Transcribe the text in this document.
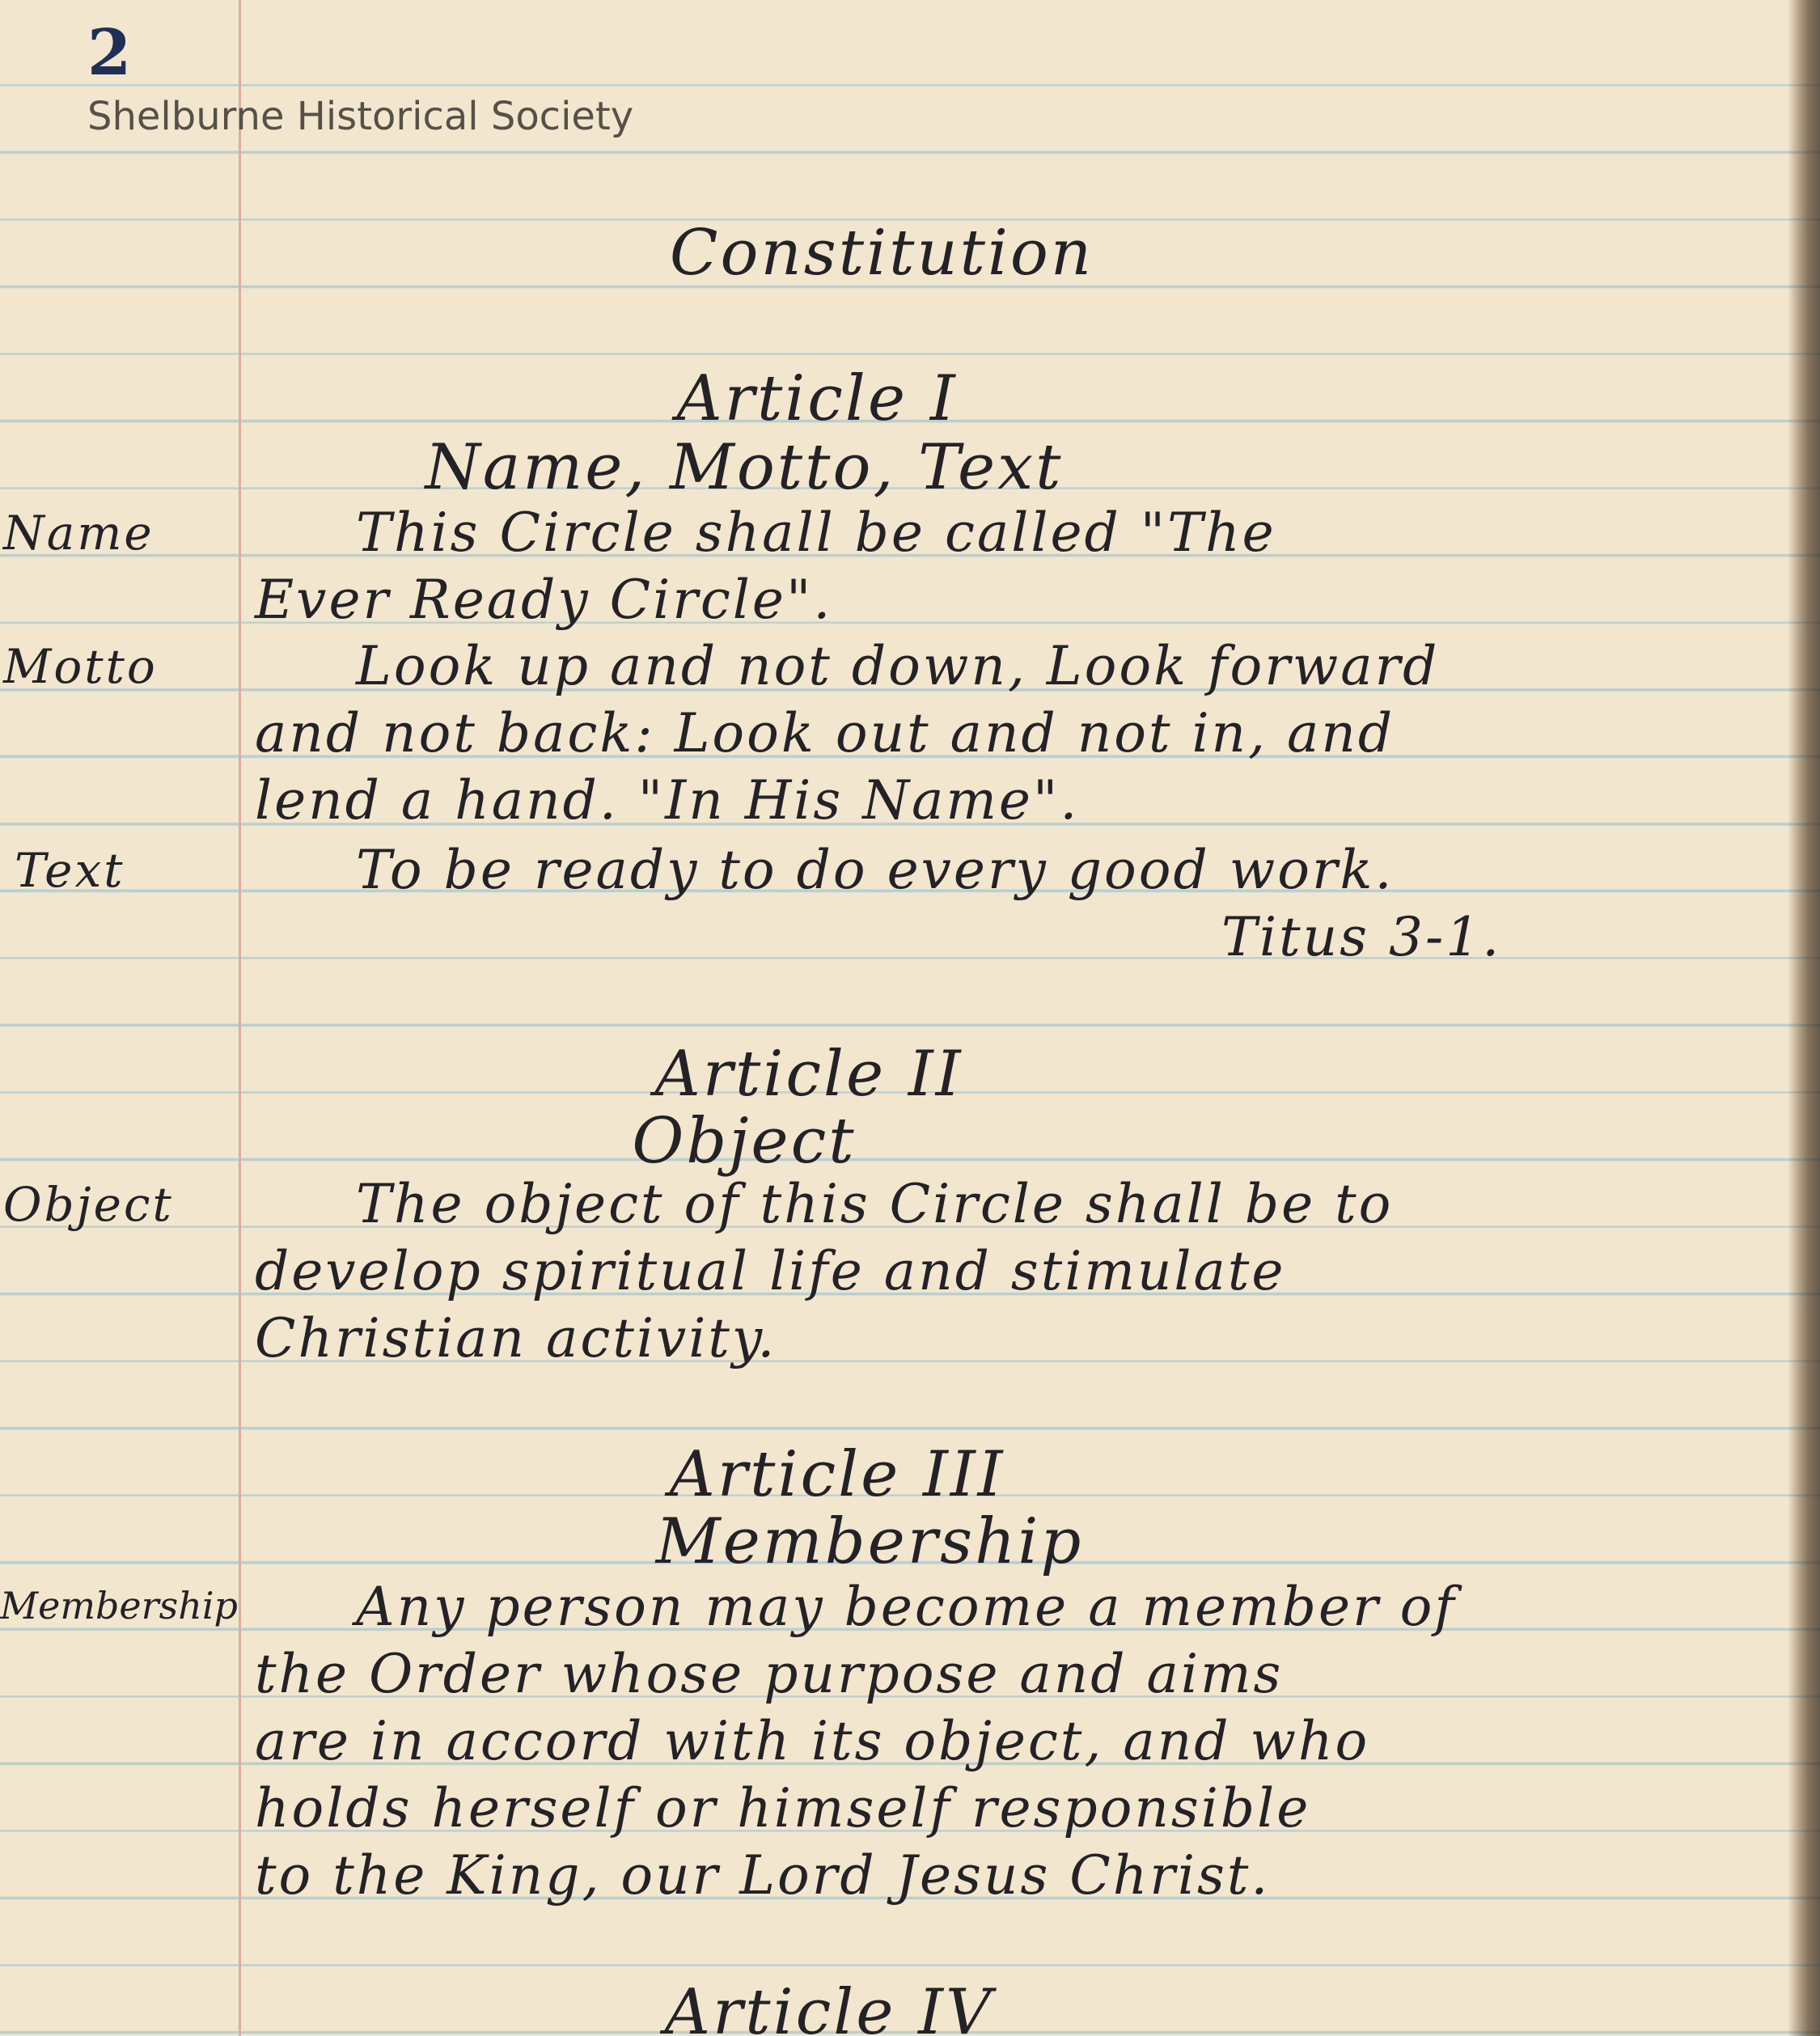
2
Shelburne Historical Society
Constitution
Article I
Name, Motto, Text
Name	This Circle shall be called "The
Ever Ready Circle".
Motto	Look up and not down, Look forward
and not back: Look out and not in, and
lend a hand. "In His Name".
Text	To be ready to do every good work.
Titus 3-1.
Article II
Object
Object	The object of this Circle shall be to
develop spiritual life and stimulate
Christian activity.
Article III
Membership
Membership Any person may become a member of
the Order whose purpose and aims
are in accord with its object, and who
holds herself or himself responsible
to the King, our Lord Jesus Christ.
Article IV
